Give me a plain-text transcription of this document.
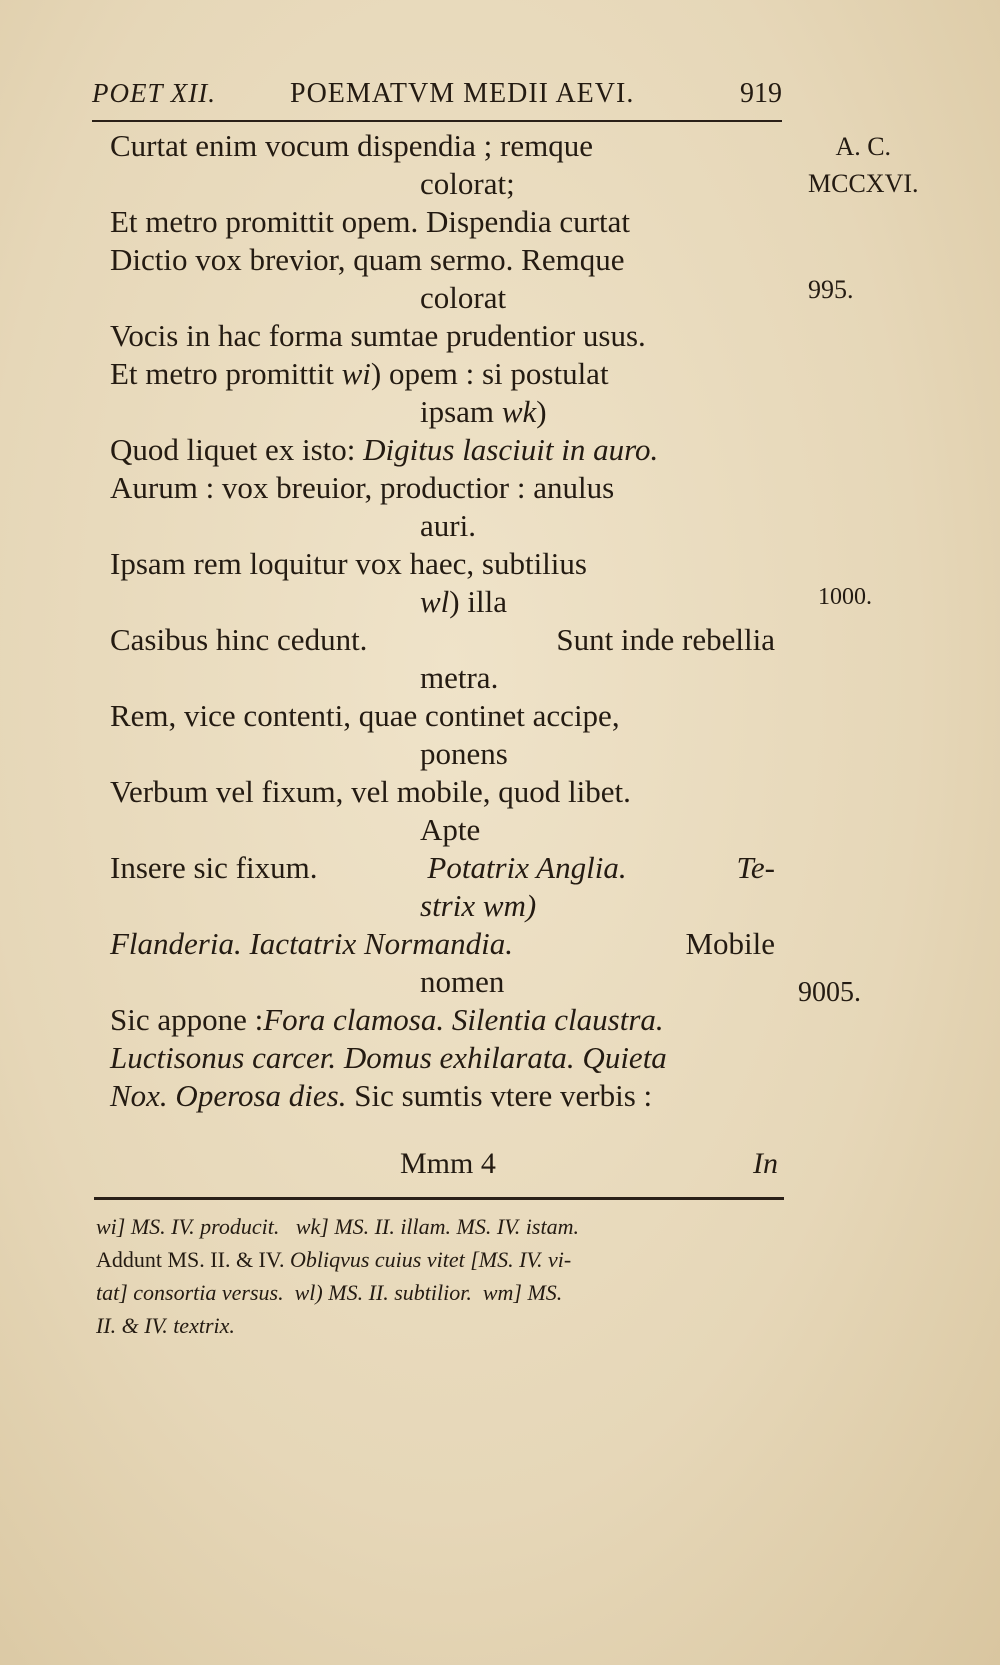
POET XII.	POEMATVM MEDII AEVI.	919
A. C.
MCCXVI.
995.
1000.
9005.
Curtat enim vocum dispendia ; remque
colorat;
Et metro promittit opem. Dispendia curtat
Dictio vox brevior, quam sermo. Remque
colorat
Vocis in hac forma sumtae prudentior usus.
Et metro promittit wi) opem : si postulat
ipsam wk)
Quod liquet ex isto: Digitus lasciuit in auro.
Aurum : vox breuior, productior : anulus
auri.
Ipsam rem loquitur vox haec, subtilius
wl) illa
Casibus hinc cedunt.	Sunt inde rebellia
metra.
Rem, vice contenti, quae continet accipe,
ponens
Verbum vel fixum, vel mobile, quod libet.
Apte
Insere sic fixum.	Potatrix Anglia.	Te-
strix wm)
Flanderia. Iactatrix Normandia.	Mobile
nomen
Sic appone :Fora clamosa. Silentia claustra.
Luctisonus carcer. Domus exhilarata. Quieta
Nox. Operosa dies. Sic sumtis vtere verbis :
Mmm 4	In
wi] MS. IV. producit. wk] MS. II. illam. MS. IV. istam.
Addunt MS. II. & IV. Obliqvus cuius vitet [MS. IV. vi-
tat] consortia versus. wl) MS. II. subtilior. wm] MS.
II. & IV. textrix.
